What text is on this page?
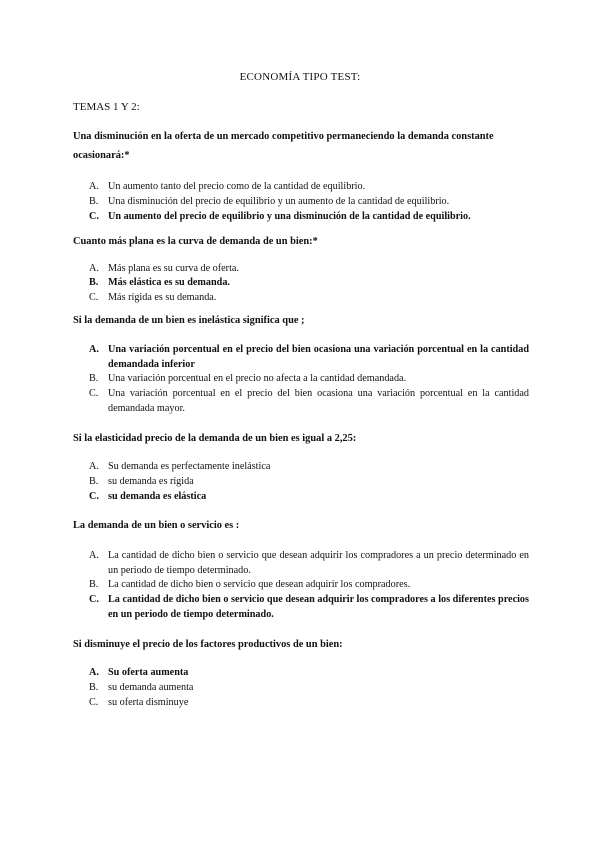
ECONOMÍA TIPO TEST:
TEMAS 1 Y 2:
Una disminución en la oferta de un mercado competitivo permaneciendo la demanda constante ocasionará:*
A. Un aumento tanto del precio como de la cantidad de equilibrio.
B. Una disminución del precio de equilibrio y un aumento de la cantidad de equilibrio.
C. Un aumento del precio de equilibrio y una disminución de la cantidad de equilibrio.
Cuanto más plana es la curva de demanda de un bien:*
A. Más plana es su curva de oferta.
B. Más elástica es su demanda.
C. Más rígida es su demanda.
Si la demanda de un bien es inelástica significa que ;
A. Una variación porcentual en el precio del bien ocasiona una variación porcentual en la cantidad demandada inferior
B. Una variación porcentual en el precio no afecta a la cantidad demandada.
C. Una variación porcentual en el precio del bien ocasiona una variación porcentual en la cantidad demandada mayor.
Si la elasticidad precio de la demanda de un bien es igual a 2,25:
A. Su demanda es perfectamente inelástica
B. su demanda es rígida
C. su demanda es elástica
La demanda de un bien o servicio es :
A. La cantidad de dicho bien o servicio que desean adquirir los compradores a un precio determinado en un periodo de tiempo determinado.
B. La cantidad de dicho bien o servicio que desean adquirir los compradores.
C. La cantidad de dicho bien o servicio que desean adquirir los compradores a los diferentes precios en un periodo de tiempo determinado.
Si disminuye el precio de los factores productivos de un bien:
A. Su oferta aumenta
B. su demanda aumenta
C. su oferta disminuye
